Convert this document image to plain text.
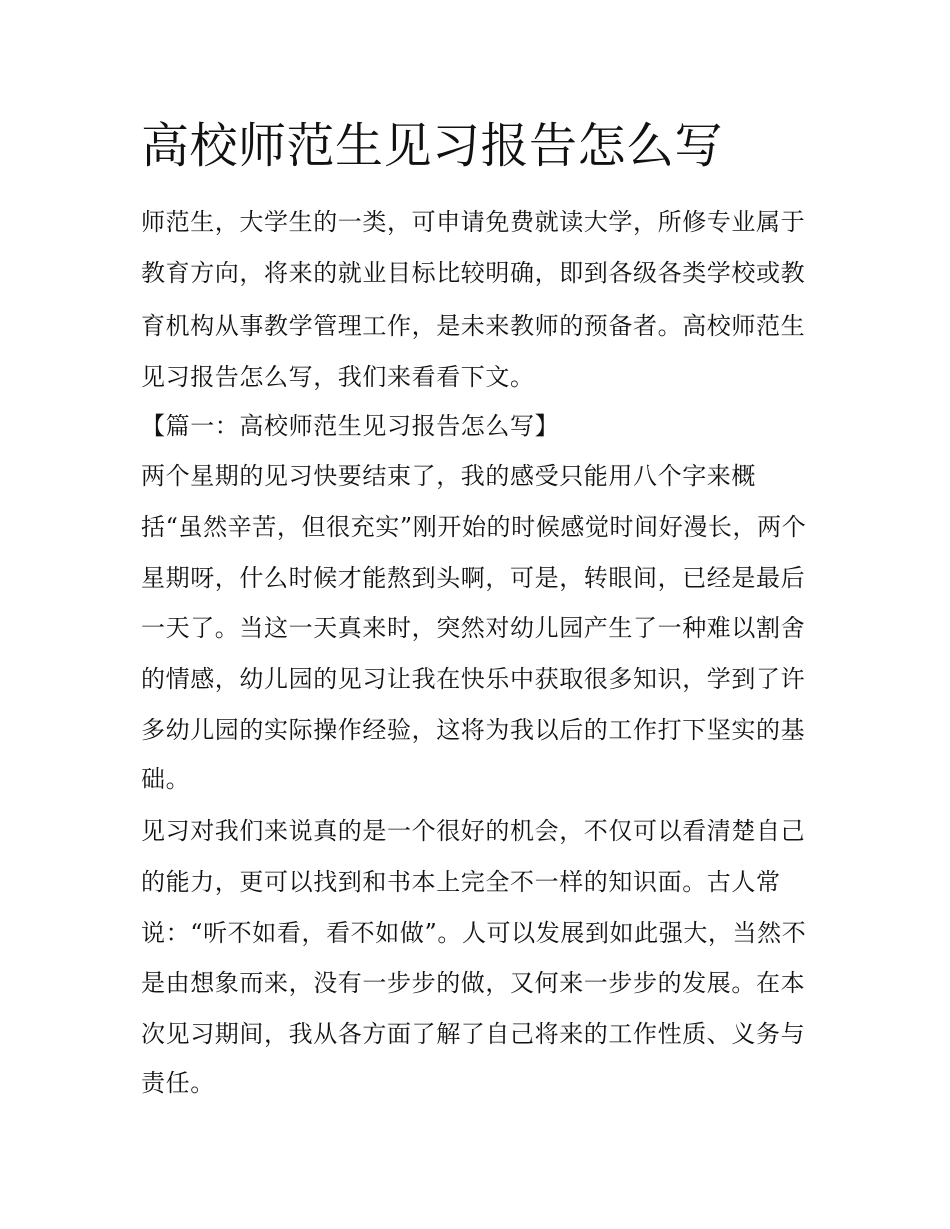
高校师范生见习报告怎么写

师范生，大学生的一类，可申请免费就读大学，所修专业属于

教育方向，将来的就业目标比较明确，即到各级各类学校或教

育机构从事教学管理工作，是未来教师的预备者。高校师范生

见习报告怎么写，我们来看看下文。

【篇一：高校师范生见习报告怎么写】

两个星期的见习快要结束了，我的感受只能用八个字来概

括“虽然辛苦，但很充实”刚开始的时候感觉时间好漫长，两个

星期呀，什么时候才能熬到头啊，可是，转眼间，已经是最后

一天了。当这一天真来时，突然对幼儿园产生了一种难以割舍

的情感，幼儿园的见习让我在快乐中获取很多知识，学到了许

多幼儿园的实际操作经验，这将为我以后的工作打下坚实的基

础。

见习对我们来说真的是一个很好的机会，不仅可以看清楚自己

的能力，更可以找到和书本上完全不一样的知识面。古人常

说：“听不如看，看不如做”。人可以发展到如此强大，当然不

是由想象而来，没有一步步的做，又何来一步步的发展。在本

次见习期间，我从各方面了解了自己将来的工作性质、义务与

责任。
